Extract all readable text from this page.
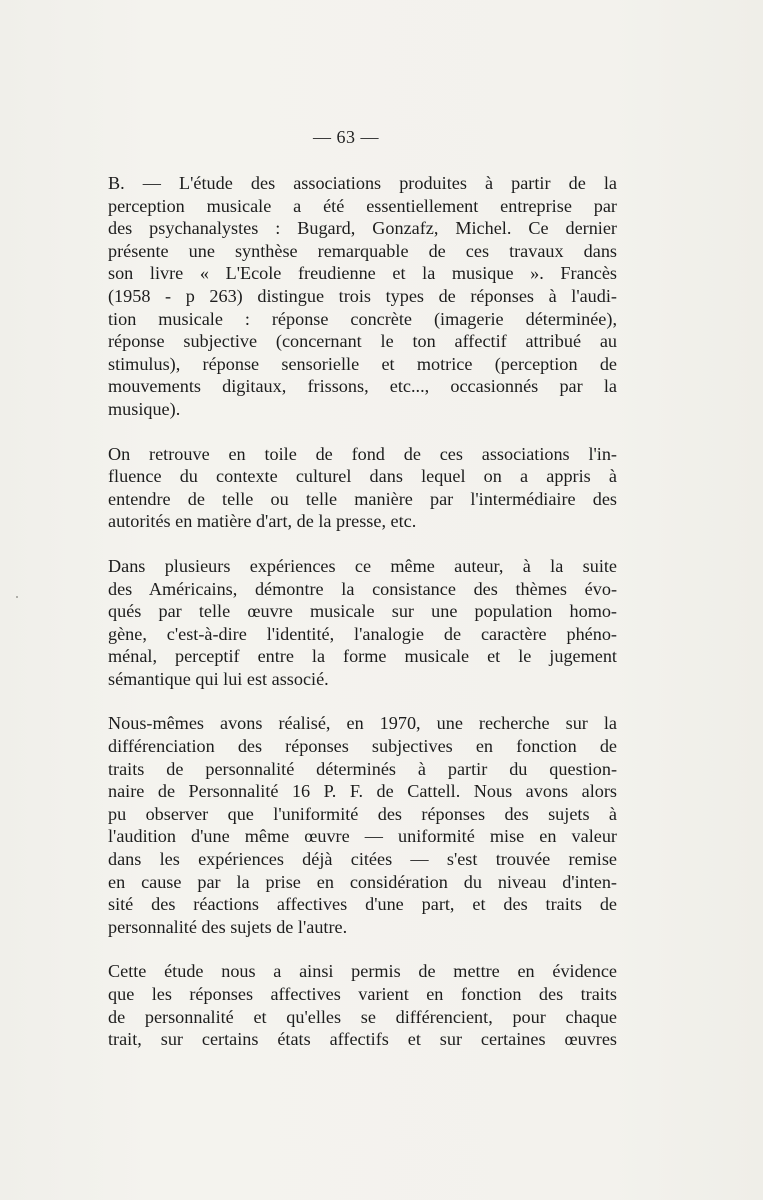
— 63 —
B. — L'étude des associations produites à partir de la
perception musicale a été essentiellement entreprise par
des psychanalystes : Bugard, Gonzafz, Michel. Ce dernier
présente une synthèse remarquable de ces travaux dans
son livre « L'Ecole freudienne et la musique ». Francès
(1958 - p 263) distingue trois types de réponses à l'audi-
tion musicale : réponse concrète (imagerie déterminée),
réponse subjective (concernant le ton affectif attribué au
stimulus), réponse sensorielle et motrice (perception de
mouvements digitaux, frissons, etc..., occasionnés par la
musique).
On retrouve en toile de fond de ces associations l'in-
fluence du contexte culturel dans lequel on a appris à
entendre de telle ou telle manière par l'intermédiaire des
autorités en matière d'art, de la presse, etc.
Dans plusieurs expériences ce même auteur, à la suite
des Américains, démontre la consistance des thèmes évo-
qués par telle œuvre musicale sur une population homo-
gène, c'est-à-dire l'identité, l'analogie de caractère phéno-
ménal, perceptif entre la forme musicale et le jugement
sémantique qui lui est associé.
Nous-mêmes avons réalisé, en 1970, une recherche sur la
différenciation des réponses subjectives en fonction de
traits de personnalité déterminés à partir du question-
naire de Personnalité 16 P. F. de Cattell. Nous avons alors
pu observer que l'uniformité des réponses des sujets à
l'audition d'une même œuvre — uniformité mise en valeur
dans les expériences déjà citées — s'est trouvée remise
en cause par la prise en considération du niveau d'inten-
sité des réactions affectives d'une part, et des traits de
personnalité des sujets de l'autre.
Cette étude nous a ainsi permis de mettre en évidence
que les réponses affectives varient en fonction des traits
de personnalité et qu'elles se différencient, pour chaque
trait, sur certains états affectifs et sur certaines œuvres
